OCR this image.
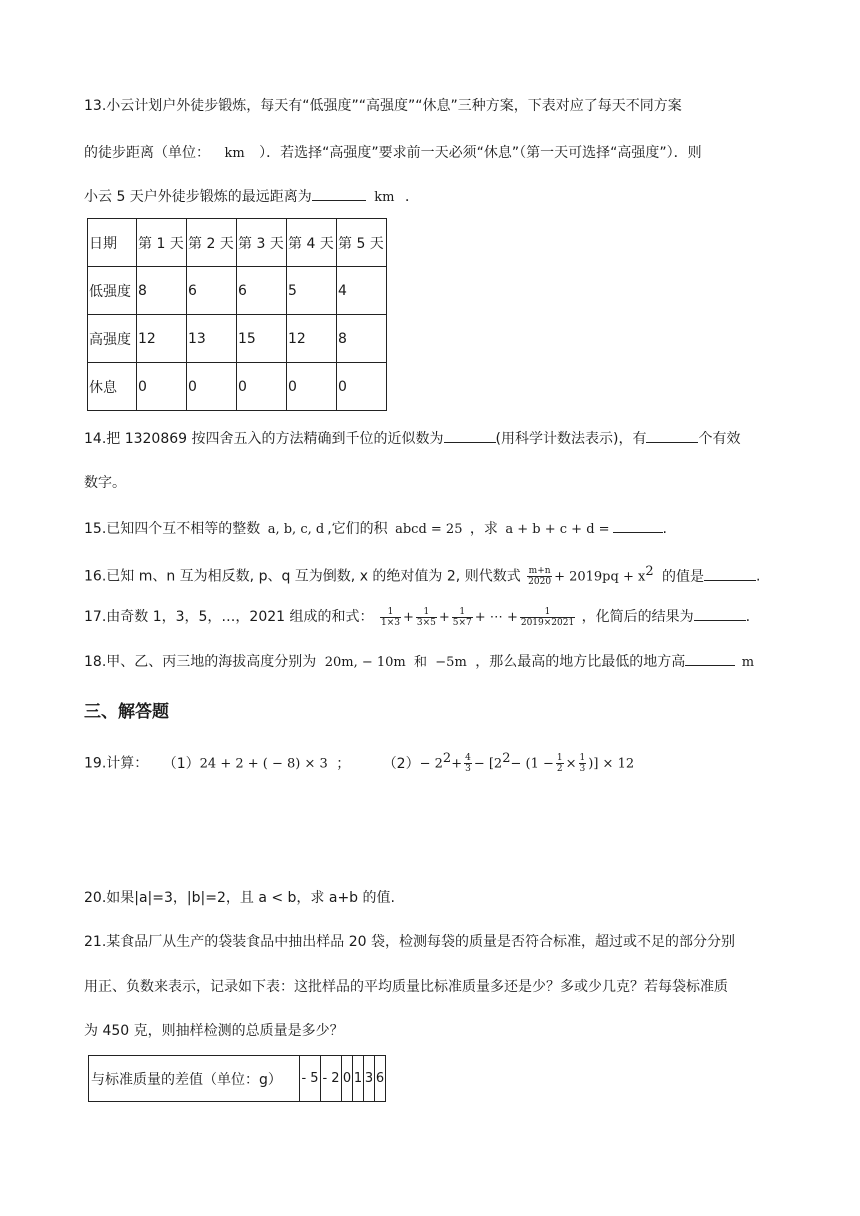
13.小云计划户外徒步锻炼，每天有“低强度”“高强度”“休息”三种方案，下表对应了每天不同方案
的徒步距离（单位： km ）．若选择“高强度”要求前一天必须“休息”（第一天可选择“高强度”）．则
小云 5 天户外徒步锻炼的最远距离为	km ．
日期	第 1 天	第 2 天	第 3 天	第 4 天	第 5 天
低强度	8	6	6	5	4
高强度	12	13	15	12	8
休息	0	0	0	0	0
14.把 1320869 按四舍五入的方法精确到千位的近似数为	(用科学计数法表示)，有	个有效
数字。
15.已知四个互不相等的整数 a, b, c, d ,它们的积 abcd = 25 ，求 a + b + c + d =	.
16.已知 m、n 互为相反数, p、q 互为倒数, x 的绝对值为 2, 则代数式 $\frac{m+n}{2020} + 2019pq + x^2$ 的值是	.
17.由奇数 1，3，5，…，2021 组成的和式： $\frac{1}{1\times 3} + \frac{1}{3\times 5} + \frac{1}{5\times 7}$ + ⋯ + $\frac{1}{2019\times 2021}$ ，化简后的结果为	.
18.甲、乙、丙三地的海拔高度分别为 20m, − 10m  和  −5m ，那么最高的地方比最低的地方高	m
三、解答题
19.计算： （1）24 + 2 + ( − 8) × 3 ； $(2)- 2^2+ \frac{4}{3} - [2^2- (1 - \frac{1}{2} \times \frac{1}{3}$ )] × 12
20.如果|a|=3，|b|=2，且 a < b，求 a+b 的值.
21.某食品厂从生产的袋装食品中抽出样品 20 袋，检测每袋的质量是否符合标准，超过或不足的部分分别
用正、负数来表示，记录如下表：这批样品的平均质量比标准质量多还是少？多或少几克？若每袋标准质
为 450 克，则抽样检测的总质量是多少？
与标准质量的差值（单位：g）	- 5	- 2	0	1	3	6
